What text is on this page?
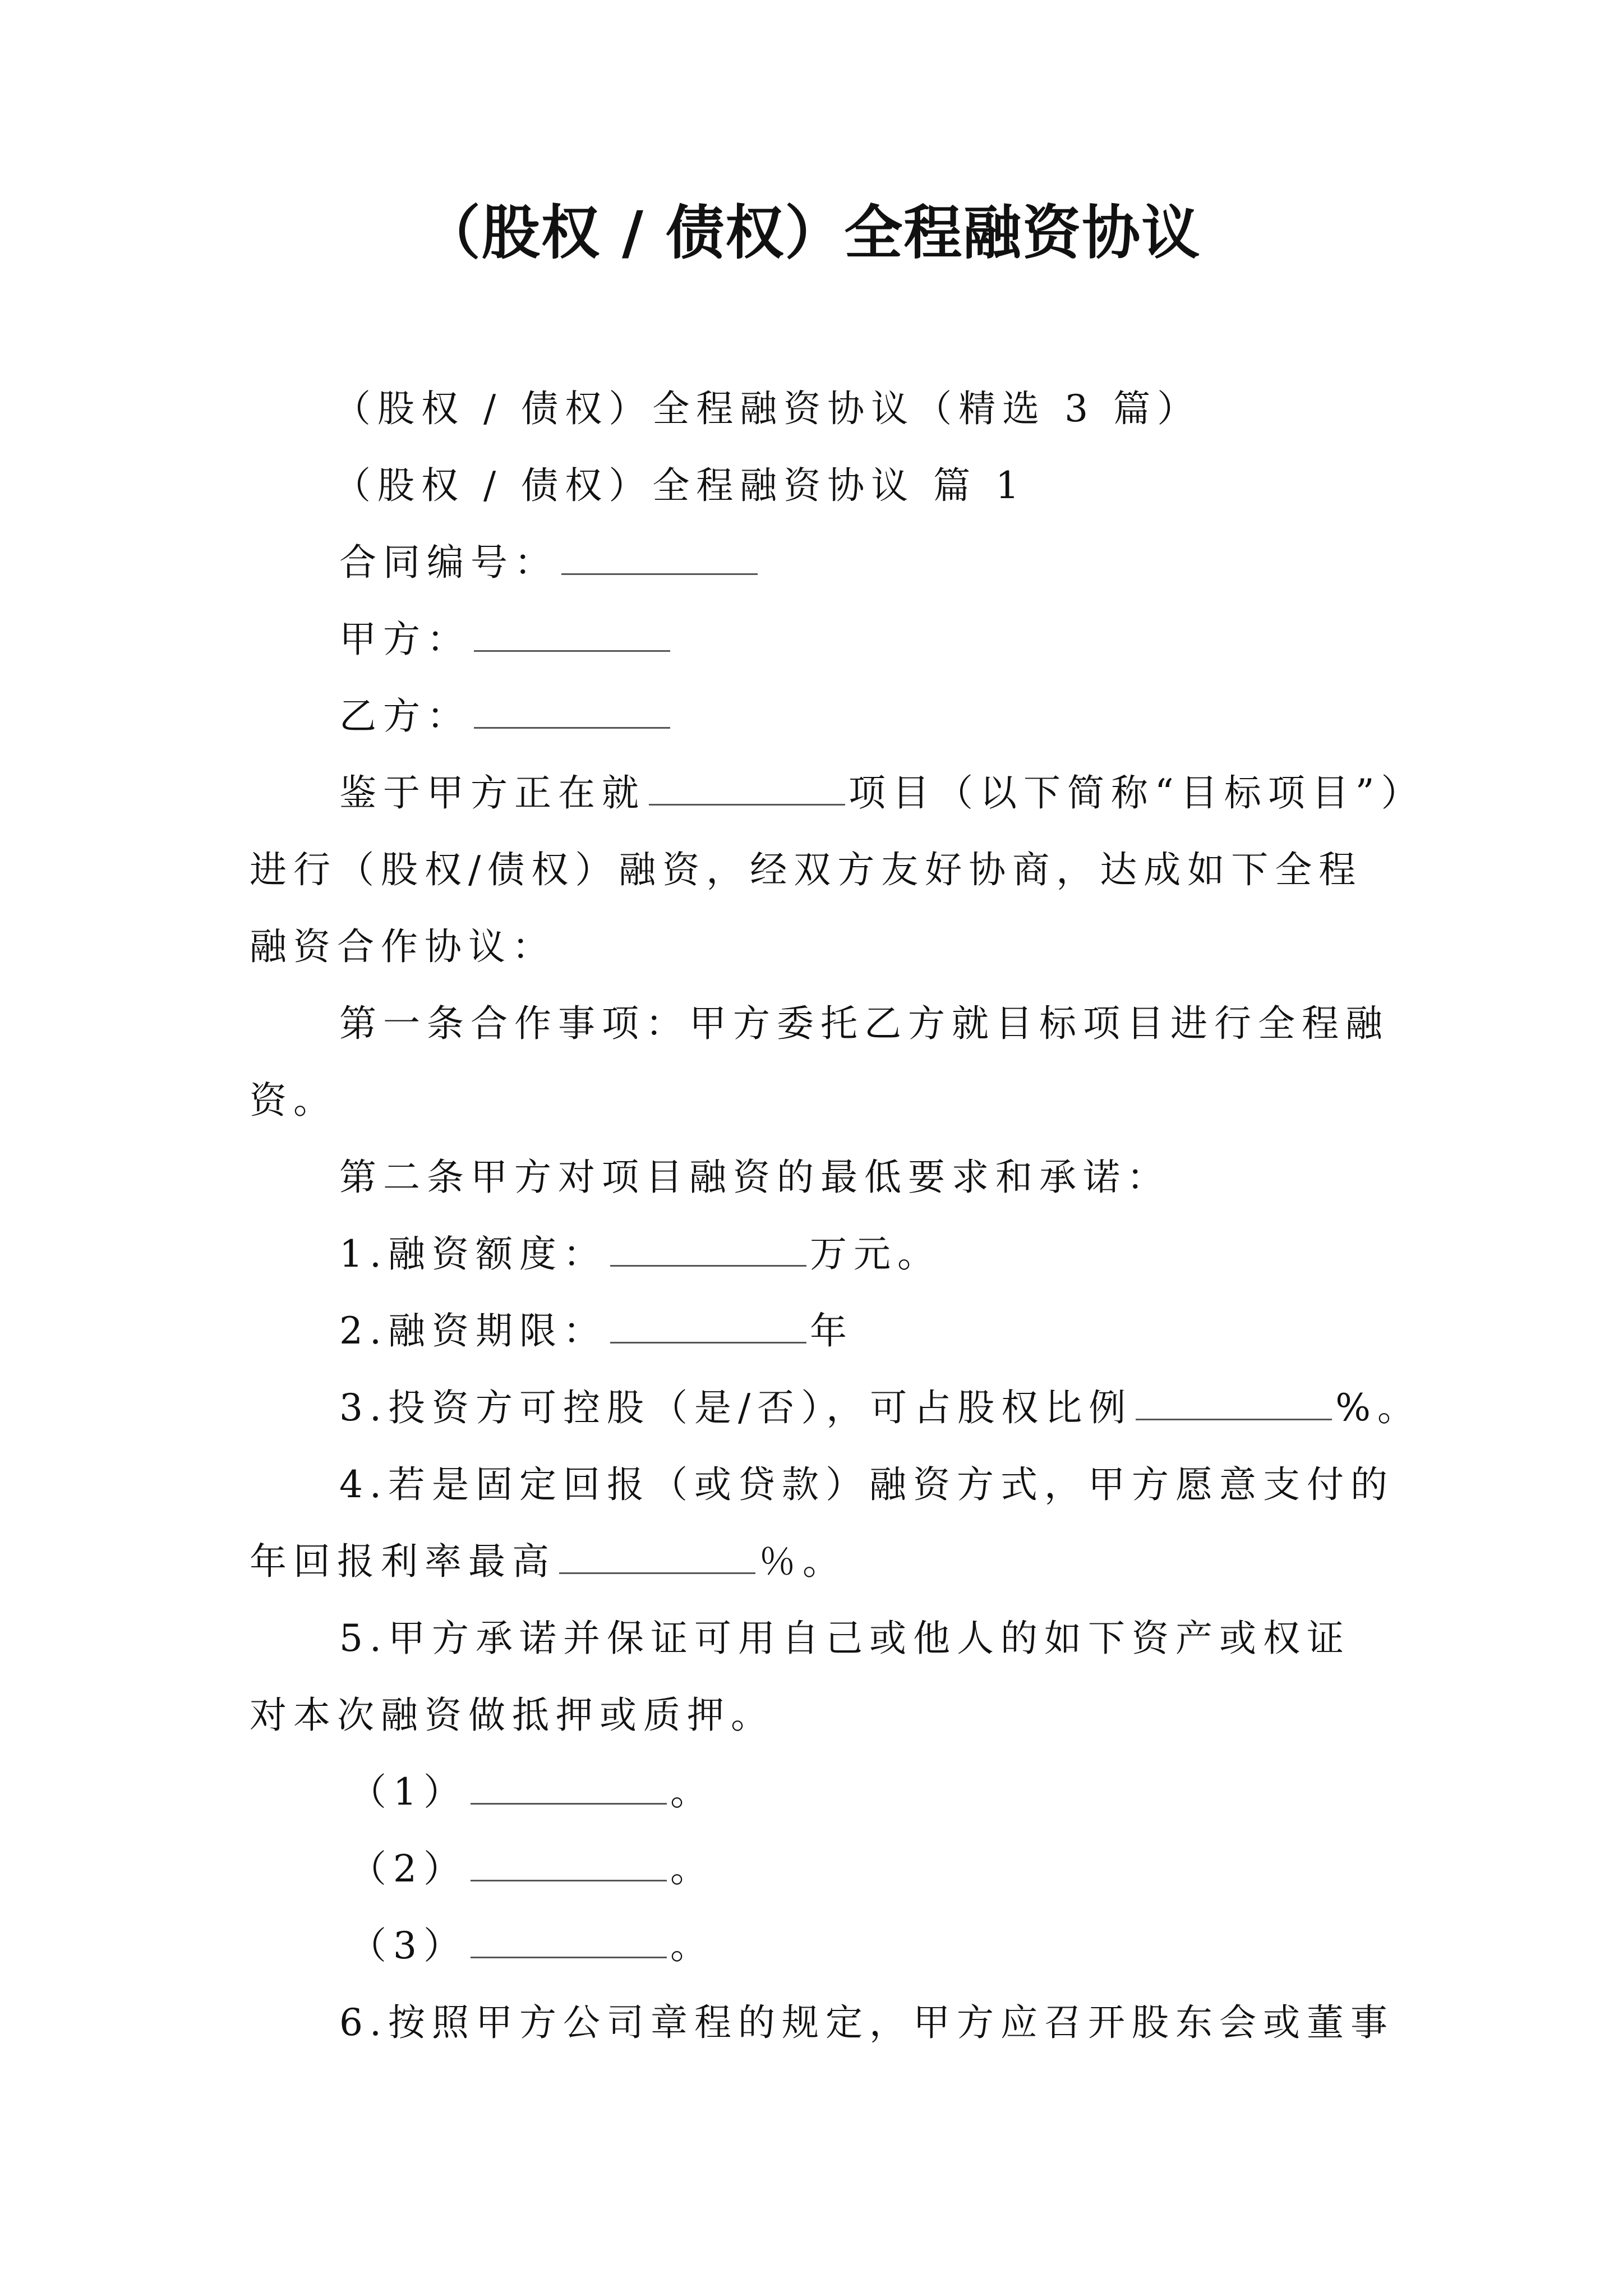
（股权 / 债权）全程融资协议
（股权 / 债权）全程融资协议（精选 3 篇）
（股权 / 债权）全程融资协议 篇 1
合同编号：
甲方：
乙方：
鉴于甲方正在就	项目（以下简称“目标项目”）
进行（股权/债权）融资，经双方友好协商，达成如下全程
融资合作协议：
第一条合作事项：甲方委托乙方就目标项目进行全程融
资。
第二条甲方对项目融资的最低要求和承诺：
1.融资额度：	万元。
2.融资期限：	年
3.投资方可控股（是/否），可占股权比例	%。
4.若是固定回报（或贷款）融资方式，甲方愿意支付的
年回报利率最高	％。
5.甲方承诺并保证可用自己或他人的如下资产或权证
对本次融资做抵押或质押。
（1）	。
（2）	。
（3）	。
6.按照甲方公司章程的规定，甲方应召开股东会或董事
